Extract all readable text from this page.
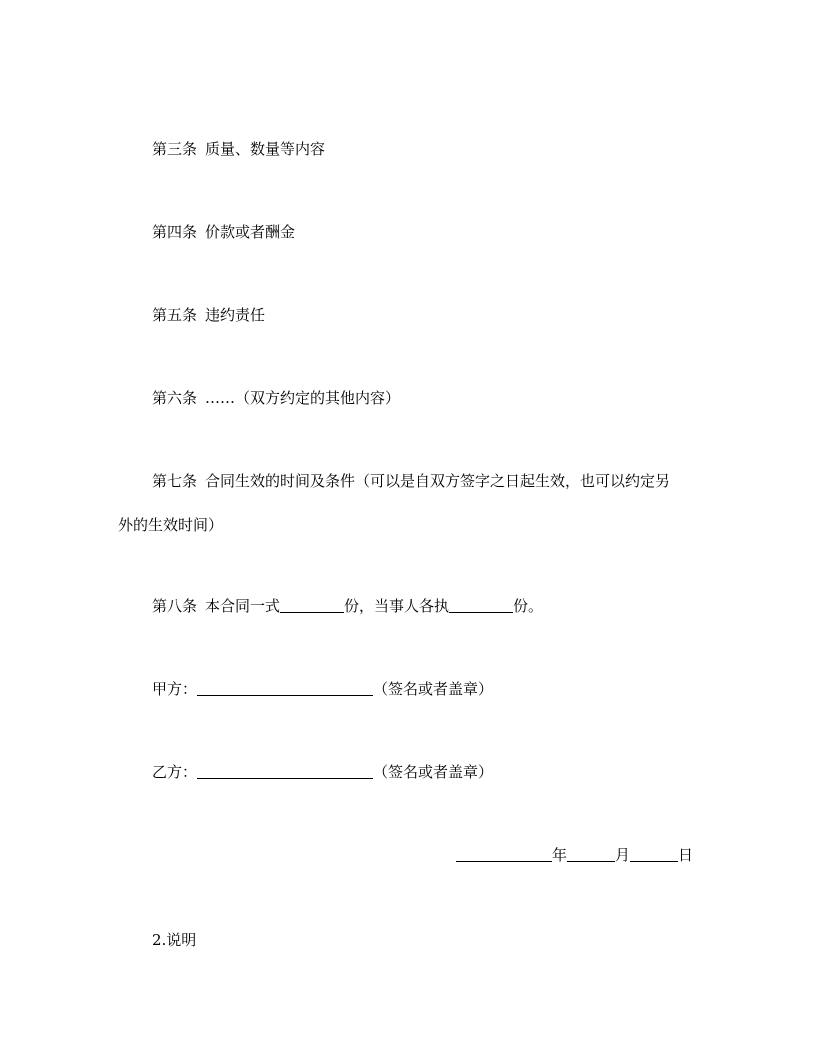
第三条 质量、数量等内容
第四条 价款或者酬金
第五条 违约责任
第六条 ……（双方约定的其他内容）
第七条 合同生效的时间及条件（可以是自双方签字之日起生效，也可以约定另
外的生效时间）
第八条 本合同一式	份，当事人各执	份。
甲方：	（签名或者盖章）
乙方：	（签名或者盖章）
年	月	日
2.说明
